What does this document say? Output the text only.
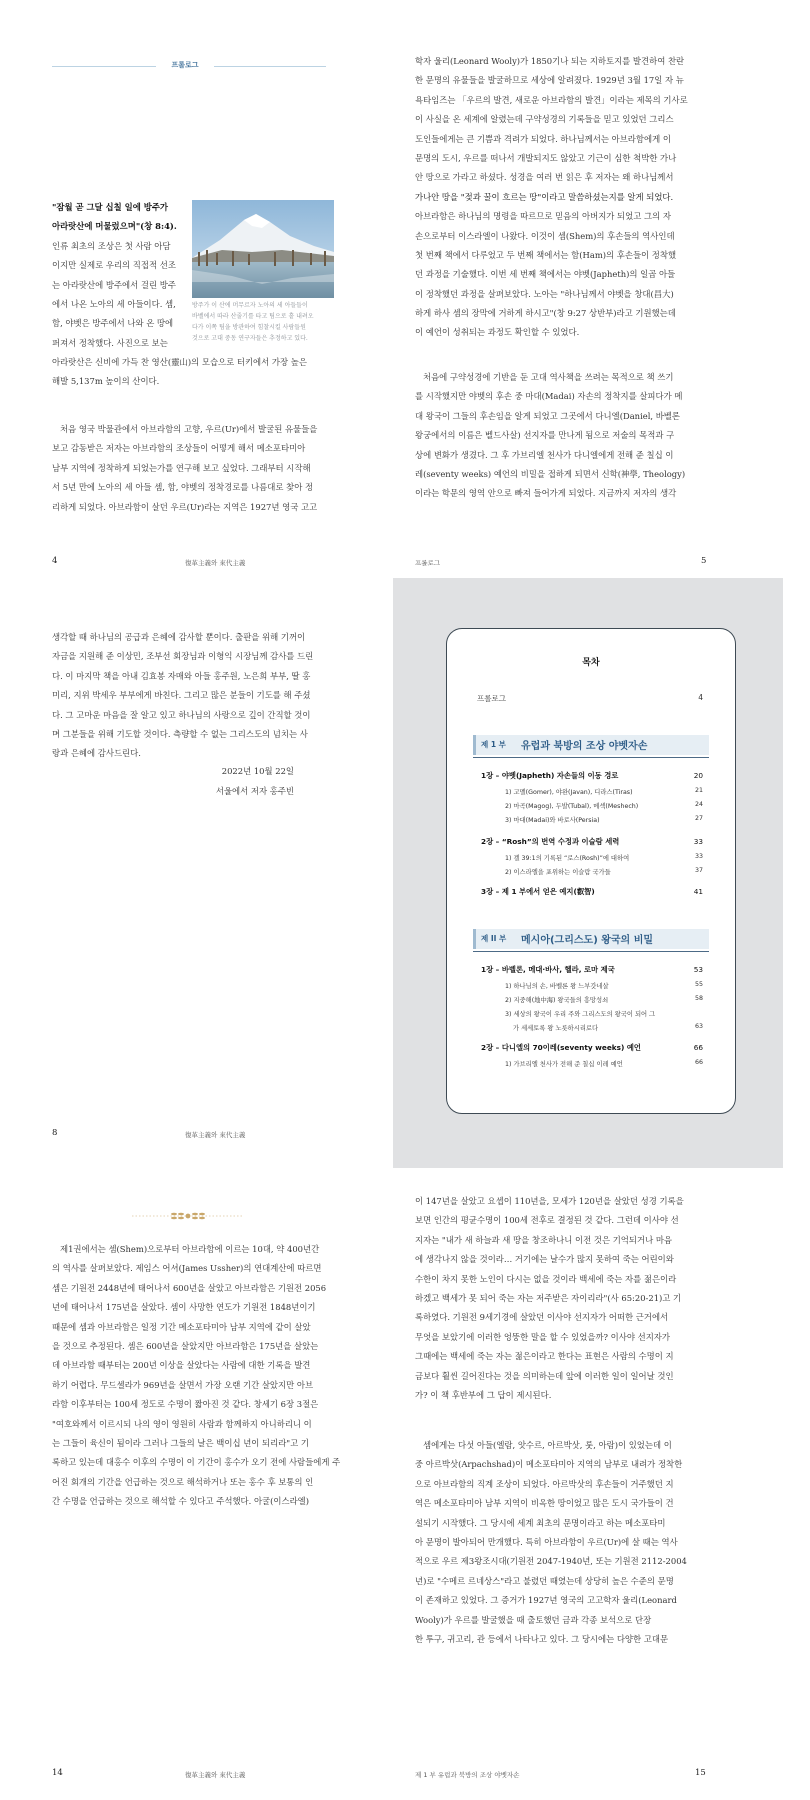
프롤로그
방주가 이 산에 머무르자 노아의 세 아들들이
바벨에서 따라 산줄기를 타고 팀으로 흩 내려오
다가 이쪽 팀을 방관하여 힘찰시킬 사람들원
것으로 고대 중동 연구자들은 추정하고 있다.
"잠월 곧 그달 십칠 일에 방주가
아라랏산에 머물렀으며"(창 8:4).
인류 최초의 조상은 첫 사람 아담
이지만 실제로 우리의 직접적 선조
는 아라랏산에 방주에서 걸린 방주
에서 나온 노아의 세 아들이다. 셈,
함, 야벳은 방주에서 나와 온 땅에
퍼져서 정착했다. 사진으로 보는
아라랏산은 신비에 가득 찬 영산(靈山)의 모습으로 터키에서 가장 높은
해발 5,137m 높이의 산이다.
처음 영국 박물관에서 아브라함의 고향, 우르(Ur)에서 발굴된 유물들을
보고 감동받은 저자는 아브라함의 조상들이 어떻게 해서 메소포타미아
남부 지역에 정착하게 되었는가를 연구해 보고 싶었다. 그래부터 시작해
서 5년 만에 노아의 세 아들 셈, 함, 야벳의 정착경로를 나름대로 찾아 정
리하게 되었다. 아브라함이 살던 우르(Ur)라는 지역은 1927년 영국 고고
4	復革主義와 來代主義
학자 울리(Leonard Wooly)가 1850기나 되는 지하토지를 발견하여 찬란
한 문명의 유물들을 발굴하므로 세상에 알려졌다. 1929년 3월 17일 자 뉴
욕타임즈는 「우르의 발견, 새로운 아브라함의 발견」이라는 제목의 기사로
이 사실을 온 세계에 알렸는데 구약성경의 기록들을 믿고 있었던 그리스
도인들에게는 큰 기쁨과 격려가 되었다. 하나님께서는 아브라함에게 이
문명의 도시, 우르를 떠나서 개발되지도 않았고 기근이 심한 척박한 가나
안 땅으로 가라고 하셨다. 성경을 여러 번 읽은 후 저자는 왜 하나님께서
가나안 땅을 "젖과 꿀이 흐르는 땅"이라고 말씀하셨는지를 알게 되었다.
아브라함은 하나님의 명령을 따르므로 믿음의 아버지가 되었고 그의 자
손으로부터 이스라엘이 나왔다. 이것이 셈(Shem)의 후손들의 역사인데
첫 번째 책에서 다루었고 두 번째 책에서는 함(Ham)의 후손들이 정착했
던 과정을 기술했다. 이번 세 번째 책에서는 야벳(Japheth)의 일곱 아들
이 정착했던 과정을 살펴보았다. 노아는 "하나님께서 야벳을 창대(昌大)
하게 하사 셈의 장막에 거하게 하시고"(창 9:27 상반부)라고 기원했는데
이 예언이 성취되는 과정도 확인할 수 있었다.
처음에 구약성경에 기반을 둔 고대 역사책을 쓰려는 목적으로 책 쓰기
를 시작했지만 야벳의 후손 중 마대(Madai) 자손의 정착지를 살피다가 메
대 왕국이 그들의 후손임을 알게 되었고 그곳에서 다니엘(Daniel, 바벨론
왕궁에서의 이름은 벨드사살) 선지자를 만나게 됨으로 저술의 목적과 구
상에 변화가 생겼다. 그 후 가브리엘 천사가 다니엘에게 전해 준 칠십 이
레(seventy weeks) 예언의 비밀을 접하게 되면서 신학(神學, Theology)
이라는 학문의 영역 안으로 빠져 들어가게 되었다. 지금까지 저자의 생각
프롤로그	5
생각할 때 하나님의 공급과 은혜에 감사할 뿐이다. 출판을 위해 기꺼이
자금을 지원해 준 이상민, 조부선 회장님과 이형익 시장님께 감사를 드린
다. 이 마지막 책을 아내 김효봉 자매와 아들 홍주원, 노은희 부부, 딸 홍
미리, 지위 박세우 부부에게 바친다. 그리고 많은 분들이 기도를 해 주셨
다. 그 고마운 마음을 잘 알고 있고 하나님의 사랑으로 깊이 간직할 것이
며 그분들을 위해 기도할 것이다. 측량할 수 없는 그리스도의 넘치는 사
랑과 은혜에 감사드린다.
2022년 10월 22일
서울에서 저자 홍주빈
8	復革主義와 來代主義
목차
프롤로그	4
제 1 부 유럽과 북방의 조상 야벳자손
1장 – 야벳(Japheth) 자손들의 이동 경로	20
1) 고멜(Gomer), 야완(Javan), 디라스(Tiras)	21
2) 마곡(Magog), 두발(Tubal), 메섹(Meshech)	24
3) 마대(Madai)와 바로사(Persia)	27
2장 – “Rosh”의 번역 수정과 이슬람 세력	33
1) 겔 39:1의 기록된 “로스(Rosh)”에 대하여	33
2) 이스라엘을 포위하는 이슬람 국가들	37
3장 – 제 1 부에서 얻은 예지(叡智)	41
제 II 부 메시아(그리스도) 왕국의 비밀
1장 – 바벨론, 메대·바사, 헬라, 로마 제국	53
1) 하나님의 손, 바벨론 왕 느부갓네살	55
2) 지중해(地中海) 왕국들의 흥망성쇠	58
3) 세상의 왕국이 우리 주와 그리스도의 왕국이 되어 그
가 세세토록 왕 노릇하시리로다	63
2장 – 다니엘의 70이레(seventy weeks) 예언	66
1) 가브리엘 천사가 전해 준 칠십 이레 예언	66
제1권에서는 셈(Shem)으로부터 아브라함에 이르는 10대, 약 400년간
의 역사를 살펴보았다. 제임스 어셔(James Ussher)의 연대계산에 따르면
셈은 기원전 2448년에 태어나서 600년을 살았고 아브라함은 기원전 2056
년에 태어나서 175년을 살았다. 셈이 사망한 연도가 기원전 1848년이기
때문에 셈과 아브라함은 일정 기간 메소포타미아 남부 지역에 같이 살았
을 것으로 추정된다. 셈은 600년을 살았지만 아브라함은 175년을 살았는
데 아브라함 때부터는 200년 이상을 살았다는 사람에 대한 기록을 발견
하기 어렵다. 무드셀라가 969년을 살면서 가장 오랜 기간 살았지만 아브
라함 이후부터는 100세 정도로 수명이 짧아진 것 같다. 창세기 6장 3절은
"여호와께서 이르시되 나의 영이 영원히 사람과 함께하지 아니하리니 이
는 그들이 육신이 됨이라 그러나 그들의 날은 백이십 년이 되리라"고 기
록하고 있는데 대홍수 이후의 수명이 이 기간이 홍수가 오기 전에 사람들에게 주
어진 회개의 기간을 언급하는 것으로 해석하거나 또는 홍수 후 보통의 인
간 수명을 언급하는 것으로 해석할 수 있다고 주석했다. 아굴(이스라엘)
14	復革主義와 來代主義
이 147년을 살았고 요셉이 110년을, 모세가 120년을 살았던 성경 기록을
보면 인간의 평균수명이 100세 전후로 결정된 것 같다. 그런데 이사야 선
지자는 "내가 새 하늘과 새 땅을 창조하나니 이전 것은 기억되거나 마음
에 생각나지 않을 것이라… 거기에는 날수가 많지 못하여 죽는 어린이와
수한이 차지 못한 노인이 다시는 없을 것이라 백세에 죽는 자를 젊은이라
하겠고 백세가 못 되어 죽는 자는 저주받은 자이리라"(사 65:20-21)고 기
록하였다. 기원전 9세기경에 살았던 이사야 선지자가 어떠한 근거에서
무엇을 보았기에 이러한 엉뚱한 말을 할 수 있었을까? 이사야 선지자가
그때에는 백세에 죽는 자는 젊은이라고 한다는 표현은 사람의 수명이 지
금보다 훨씬 길어진다는 것을 의미하는데 앞에 이러한 일이 일어날 것인
가? 이 책 후반부에 그 답이 제시된다.
셈에게는 다섯 아들(엘람, 앗수르, 아르박삿, 룻, 아람)이 있었는데 이
중 아르박삿(Arpachshad)이 메소포타미아 지역의 남부로 내려가 정착한
으로 아브라함의 직계 조상이 되었다. 아르박삿의 후손들이 거주했던 지
역은 메소포타미아 남부 지역이 비옥한 땅이었고 많은 도시 국가들이 건
설되기 시작했다. 그 당시에 세계 최초의 문명이라고 하는 메소포타미
아 문명이 발아되어 만개했다. 특히 아브라함이 우르(Ur)에 살 때는 역사
적으로 우르 제3왕조시대(기원전 2047-1940년, 또는 기원전 2112-2004
년)로 "수메르 르네상스"라고 불렸던 때였는데 상당히 높은 수준의 문명
이 존재하고 있었다. 그 증거가 1927년 영국의 고고학자 울리(Leonard
Wooly)가 우르를 발굴했을 때 출토했던 금과 각종 보석으로 단장
한 투구, 귀고리, 관 등에서 나타나고 있다. 그 당시에는 다양한 고대문
제 1 부 유럽과 북방의 조상 야벳자손	15
